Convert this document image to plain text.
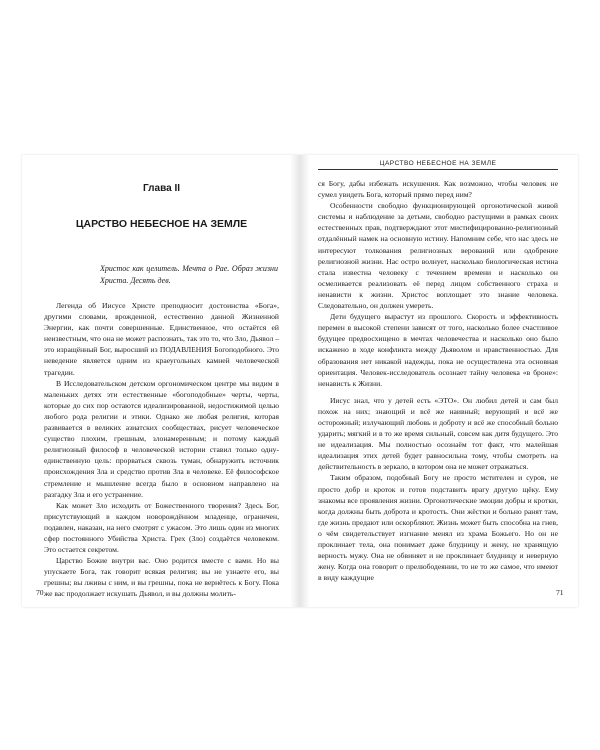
Глава II
ЦАРСТВО НЕБЕСНОЕ НА ЗЕМЛЕ
Христос как целитель. Мечта о Рае. Образ жизни Христа. Десять дев.

Легенда об Иисусе Христе преподносит достоинства «Бога», другими словами, врожденной, естественно данной Жизненной Энергии, как почти совершенные. Единственное, что остаётся ей неизвестным, что она не может распознать, так это то, что Зло, Дьявол – это изращённый Бог, выросший из ПОДАВЛЕНИЯ Богоподобного. Это неведение является одним из краеугольных камней человеческой трагедии.

В Исследовательском детском оргономическом центре мы видим в маленьких детях эти естественные «богоподобные» черты, черты, которые до сих пор остаются идеализированной, недостижимой целью любого рода религии и этики. Однако же любая религия, которая развивается в великих азиатских сообществах, рисует человеческое существо плохим, грешным, злонамеренным; и потому каждый религиозный философ в человеческой истории ставил только одну-единственную цель: прорваться сквозь туман, обнаружить источник происхождения Зла и средство против Зла в человеке. Её философское стремление и мышление всегда было в основном направлено на разгадку Зла и его устранение.

Как может Зло исходить от Божественного творения? Здесь Бог, присутствующий в каждом новорождённом младенце, ограничен, подавлен, наказан, на него смотрят с ужасом. Это лишь один из многих сфер постоянного Убийства Христа. Грех (Зло) создаётся человеком. Это остается секретом.

Царство Божие внутри вас. Оно родится вместе с вами. Но вы упускаете Бога, так говорит всякая религия; вы не узнаете его, вы грешны; вы лживы с ним, и вы грешны, пока не вернётесь к Богу. Пока же вас продолжает искушать Дьявол, и вы должны молить-

70
ЦАРСТВО НЕБЕСНОЕ НА ЗЕМЛЕ

ся Богу, дабы избежать искушения. Как возможно, чтобы человек не сумел увидеть Бога, который прямо перед ним?

Особенности свободно функционирующей оргонотической живой системы и наблюдение за детьми, свободно растущими в рамках своих естественных прав, подтверждают этот мистифицированно-религиозный отдалённый намек на основную истину. Напомним себе, что нас здесь не интересуют толкования религиозных верований или одобрение религиозной жизни. Нас остро волнует, насколько биологическая истина стала известна человеку с течением времени и насколько он осмеливается реализовать её перед лицом собственного страха и ненависти к жизни. Христос воплощает это знание человека. Следовательно, он должен умереть.

Дети будущего вырастут из прошлого. Скорость и эффективность перемен в высокой степени зависят от того, насколько более счастливое будущее предвосхищено в мечтах человечества и насколько оно было искажено в ходе конфликта между Дьяволом и нравственностью. Для образования нет никакой надежды, пока не осуществлена эта основная ориентация. Человек-исследователь осознает тайну человека «в броне»: ненависть к Жизни.

Иисус знал, что у детей есть «ЭТО». Он любил детей и сам был похож на них; знающий и всё же наивный; верующий и всё же осторожный; излучающий любовь и доброту и всё же способный больно ударить; мягкий и в то же время сильный, совсем как дитя будущего. Это не идеализация. Мы полностью осознаём тот факт, что малейшая идеализация этих детей будет равносильна тому, чтобы смотреть на действительность в зеркало, в котором она не может отражаться.

Таким образом, подобный Богу не просто мстителен и суров, не просто добр и кроток и готов подставить врагу другую щёку. Ему знакомы все проявления жизни. Оргонотические эмоции добры и кротки, когда должны быть доброта и кротость. Они жёстки и больно ранят там, где жизнь предают или оскорбляют. Жизнь может быть способна на гнев, о чём свидетельствует изгнание менял из храма Божьего. Но он не проклинает тела, она понимает даже блудницу и жену, не хранящую верность мужу. Она не обвиняет и не проклинает блудницу и неверную жену. Когда она говорит о прелюбодеянии, то не то же самое, что имеют в виду каждущие

71
